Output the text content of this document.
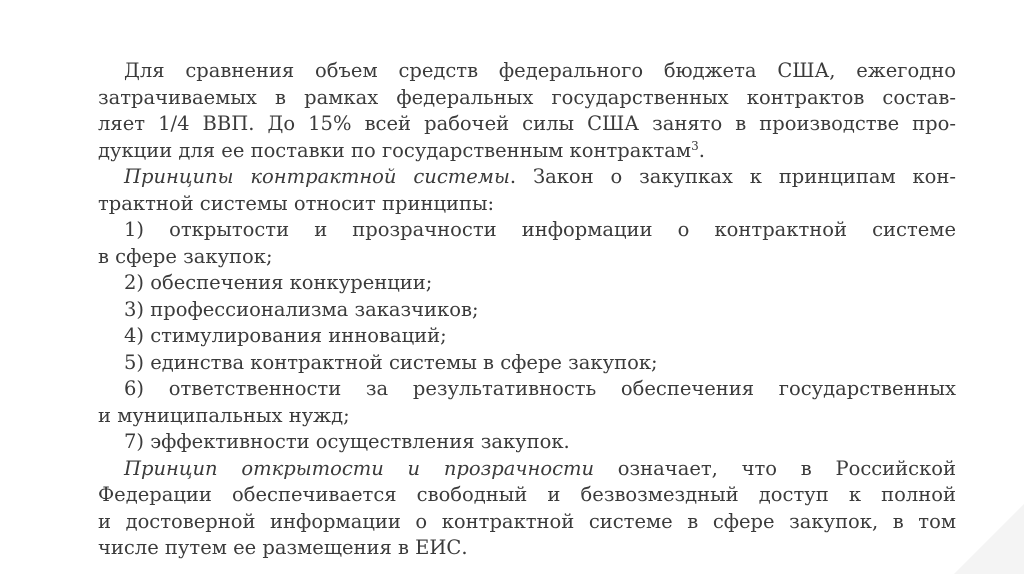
Для сравнения объем средств федерального бюджета США, ежегодно
затрачиваемых в рамках федеральных государственных контрактов состав-
ляет 1/4 ВВП. До 15% всей рабочей силы США занято в производстве про-
дукции для ее поставки по государственным контрактам$^3$.
Принципы контрактной системы. Закон о закупках к принципам кон-
трактной системы относит принципы:
1) открытости и прозрачности информации о контрактной системе
в сфере закупок;
2) обеспечения конкуренции;
3) профессионализма заказчиков;
4) стимулирования инноваций;
5) единства контрактной системы в сфере закупок;
6) ответственности за результативность обеспечения государственных
и муниципальных нужд;
7) эффективности осуществления закупок.
Принцип открытости и прозрачности означает, что в Российской
Федерации обеспечивается свободный и безвозмездный доступ к полной
и достоверной информации о контрактной системе в сфере закупок, в том
числе путем ее размещения в ЕИС.
